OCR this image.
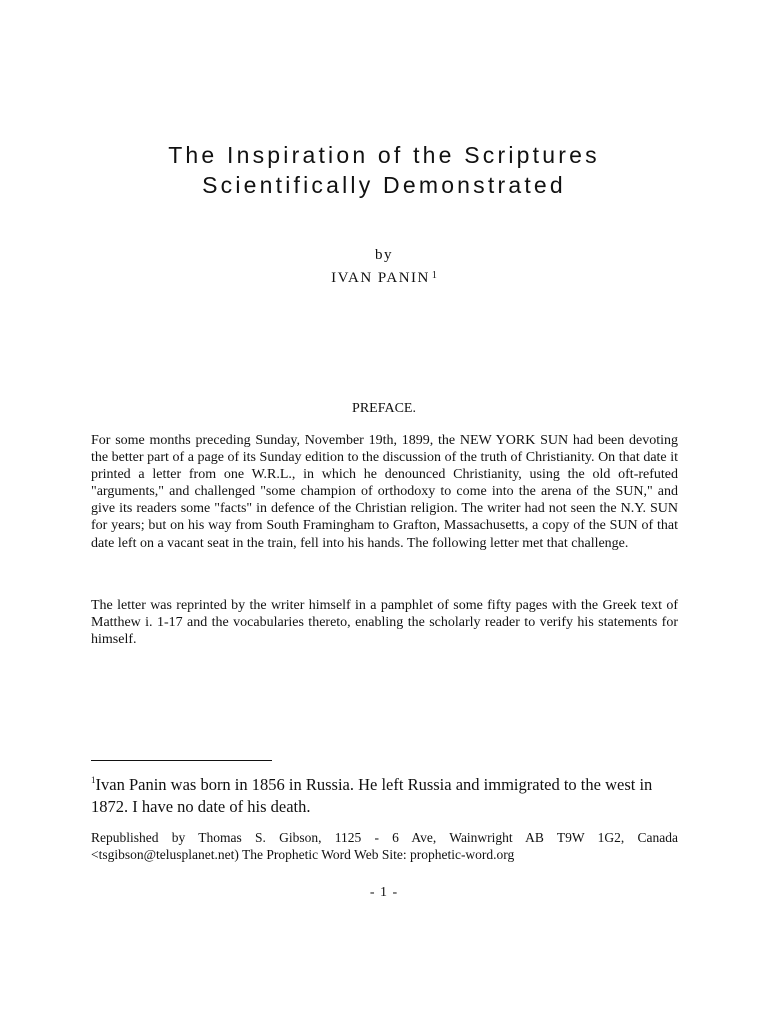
The Inspiration of the Scriptures
Scientifically Demonstrated
by
IVAN PANIN $^1$
PREFACE.

For some months preceding Sunday, November 19th, 1899, the NEW YORK SUN had been devoting the better part of a page of its Sunday edition to the discussion of the truth of Christianity. On that date it printed a letter from one W.R.L., in which he denounced Christianity, using the old oft-refuted "arguments," and challenged "some champion of orthodoxy to come into the arena of the SUN," and give its readers some "facts" in defence of the Christian religion. The writer had not seen the N.Y. SUN for years; but on his way from South Framingham to Grafton, Massachusetts, a copy of the SUN of that date left on a vacant seat in the train, fell into his hands. The following letter met that challenge.

The letter was reprinted by the writer himself in a pamphlet of some fifty pages with the Greek text of Matthew i. 1-17 and the vocabularies thereto, enabling the scholarly reader to verify his statements for himself.

$^1$Ivan Panin was born in 1856 in Russia. He left Russia and immigrated to the west in 1872. I have no date of his death.

Republished by Thomas S. Gibson, 1125 - 6 Ave, Wainwright AB T9W 1G2, Canada
<tsgibson@telusplanet.net) The Prophetic Word Web Site: prophetic-word.org

- 1 -
